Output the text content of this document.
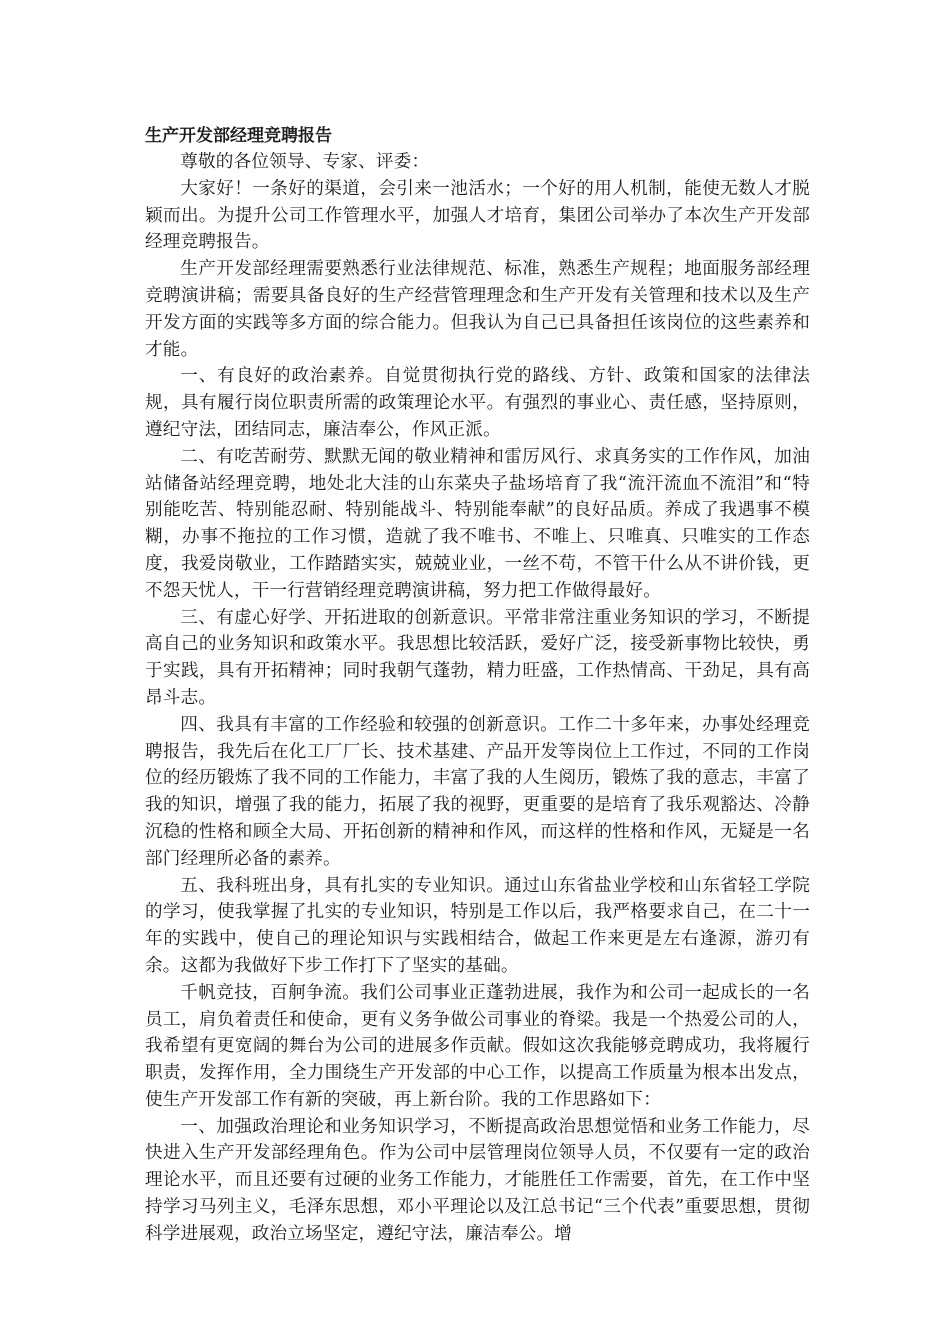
生产开发部经理竞聘报告

尊敬的各位领导、专家、评委：

大家好！一条好的渠道，会引来一池活水；一个好的用人机制，能使无数人才脱颖而出。为提升公司工作管理水平，加强人才培育，集团公司举办了本次生产开发部经理竞聘报告。

生产开发部经理需要熟悉行业法律规范、标准，熟悉生产规程；地面服务部经理竞聘演讲稿；需要具备良好的生产经营管理理念和生产开发有关管理和技术以及生产开发方面的实践等多方面的综合能力。但我认为自己已具备担任该岗位的这些素养和才能。

一、有良好的政治素养。自觉贯彻执行党的路线、方针、政策和国家的法律法规，具有履行岗位职责所需的政策理论水平。有强烈的事业心、责任感，坚持原则，遵纪守法，团结同志，廉洁奉公，作风正派。

二、有吃苦耐劳、默默无闻的敬业精神和雷厉风行、求真务实的工作作风，加油站储备站经理竞聘，地处北大洼的山东菜央子盐场培育了我“流汗流血不流泪”和“特别能吃苦、特别能忍耐、特别能战斗、特别能奉献”的良好品质。养成了我遇事不模糊，办事不拖拉的工作习惯，造就了我不唯书、不唯上、只唯真、只唯实的工作态度，我爱岗敬业，工作踏踏实实，兢兢业业，一丝不苟，不管干什么从不讲价钱，更不怨天忧人，干一行营销经理竞聘演讲稿，努力把工作做得最好。

三、有虚心好学、开拓进取的创新意识。平常非常注重业务知识的学习，不断提高自己的业务知识和政策水平。我思想比较活跃，爱好广泛，接受新事物比较快，勇于实践，具有开拓精神；同时我朝气蓬勃，精力旺盛，工作热情高、干劲足，具有高昂斗志。

四、我具有丰富的工作经验和较强的创新意识。工作二十多年来，办事处经理竞聘报告，我先后在化工厂厂长、技术基建、产品开发等岗位上工作过，不同的工作岗位的经历锻炼了我不同的工作能力，丰富了我的人生阅历，锻炼了我的意志，丰富了我的知识，增强了我的能力，拓展了我的视野，更重要的是培育了我乐观豁达、冷静沉稳的性格和顾全大局、开拓创新的精神和作风，而这样的性格和作风，无疑是一名部门经理所必备的素养。

五、我科班出身，具有扎实的专业知识。通过山东省盐业学校和山东省轻工学院的学习，使我掌握了扎实的专业知识，特别是工作以后，我严格要求自己，在二十一年的实践中，使自己的理论知识与实践相结合，做起工作来更是左右逢源，游刃有余。这都为我做好下步工作打下了坚实的基础。

千帆竞技，百舸争流。我们公司事业正蓬勃进展，我作为和公司一起成长的一名员工，肩负着责任和使命，更有义务争做公司事业的脊梁。我是一个热爱公司的人，我希望有更宽阔的舞台为公司的进展多作贡献。假如这次我能够竞聘成功，我将履行职责，发挥作用，全力围绕生产开发部的中心工作，以提高工作质量为根本出发点，使生产开发部工作有新的突破，再上新台阶。我的工作思路如下：

一、加强政治理论和业务知识学习，不断提高政治思想觉悟和业务工作能力，尽快进入生产开发部经理角色。作为公司中层管理岗位领导人员，不仅要有一定的政治理论水平，而且还要有过硬的业务工作能力，才能胜任工作需要，首先，在工作中坚持学习马列主义，毛泽东思想，邓小平理论以及江总书记“三个代表”重要思想，贯彻科学进展观，政治立场坚定，遵纪守法，廉洁奉公。增
